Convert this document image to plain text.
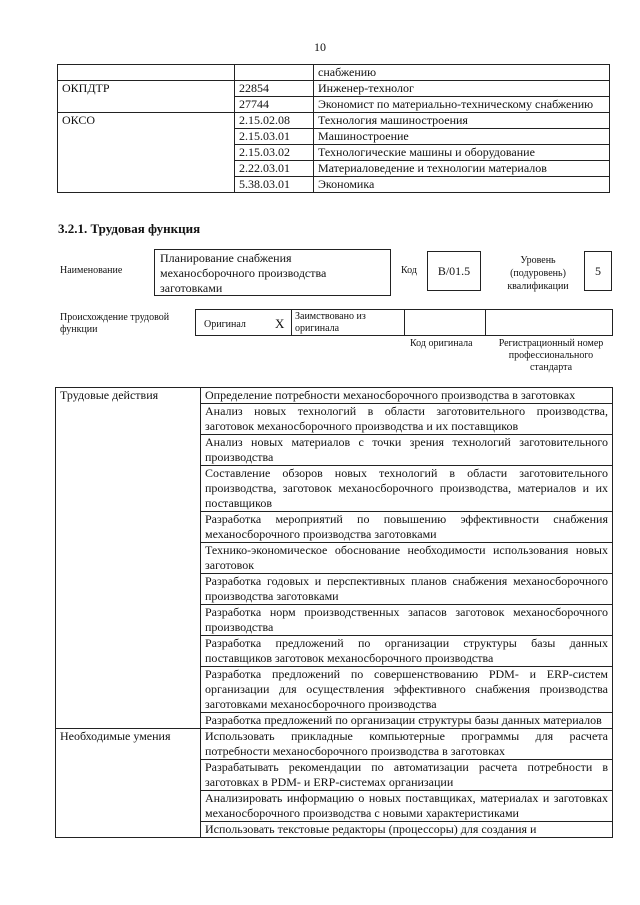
10
		снабжению
ОКПДТР	22854	Инженер-технолог
	27744	Экономист по материально-техническому снабжению
ОКСО	2.15.02.08	Технология машиностроения
	2.15.03.01	Машиностроение
	2.15.03.02	Технологические машины и оборудование
	2.22.03.01	Материаловедение и технологии материалов
	5.38.03.01	Экономика
3.2.1. Трудовая функция
Наименование
Планирование снабжения механосборочного производства заготовками
Код	B/01.5
Уровень (подуровень) квалификации
5
Происхождение трудовой функции	Оригинал X Заимствовано из оригинала
Код оригинала	Регистрационный номер профессионального стандарта
Трудовые действия	Определение потребности механосборочного производства в заготовках
	Анализ новых технологий в области заготовительного производства, заготовок механосборочного производства и их поставщиков
	Анализ новых материалов с точки зрения технологий заготовительного производства
	Составление обзоров новых технологий в области заготовительного производства, заготовок механосборочного производства, материалов и их поставщиков
	Разработка мероприятий по повышению эффективности снабжения механосборочного производства заготовками
	Технико-экономическое обоснование необходимости использования новых заготовок
	Разработка годовых и перспективных планов снабжения механосборочного производства заготовками
	Разработка норм производственных запасов заготовок механосборочного производства
	Разработка предложений по организации структуры базы данных поставщиков заготовок механосборочного производства
	Разработка предложений по совершенствованию PDM- и ERP-систем организации для осуществления эффективного снабжения производства заготовками механосборочного производства
	Разработка предложений по организации структуры базы данных материалов
Необходимые умения	Использовать прикладные компьютерные программы для расчета потребности механосборочного производства в заготовках
	Разрабатывать рекомендации по автоматизации расчета потребности в заготовках в PDM- и ERP-системах организации
	Анализировать информацию о новых поставщиках, материалах и заготовках механосборочного производства с новыми характеристиками
	Использовать текстовые редакторы (процессоры) для создания и
